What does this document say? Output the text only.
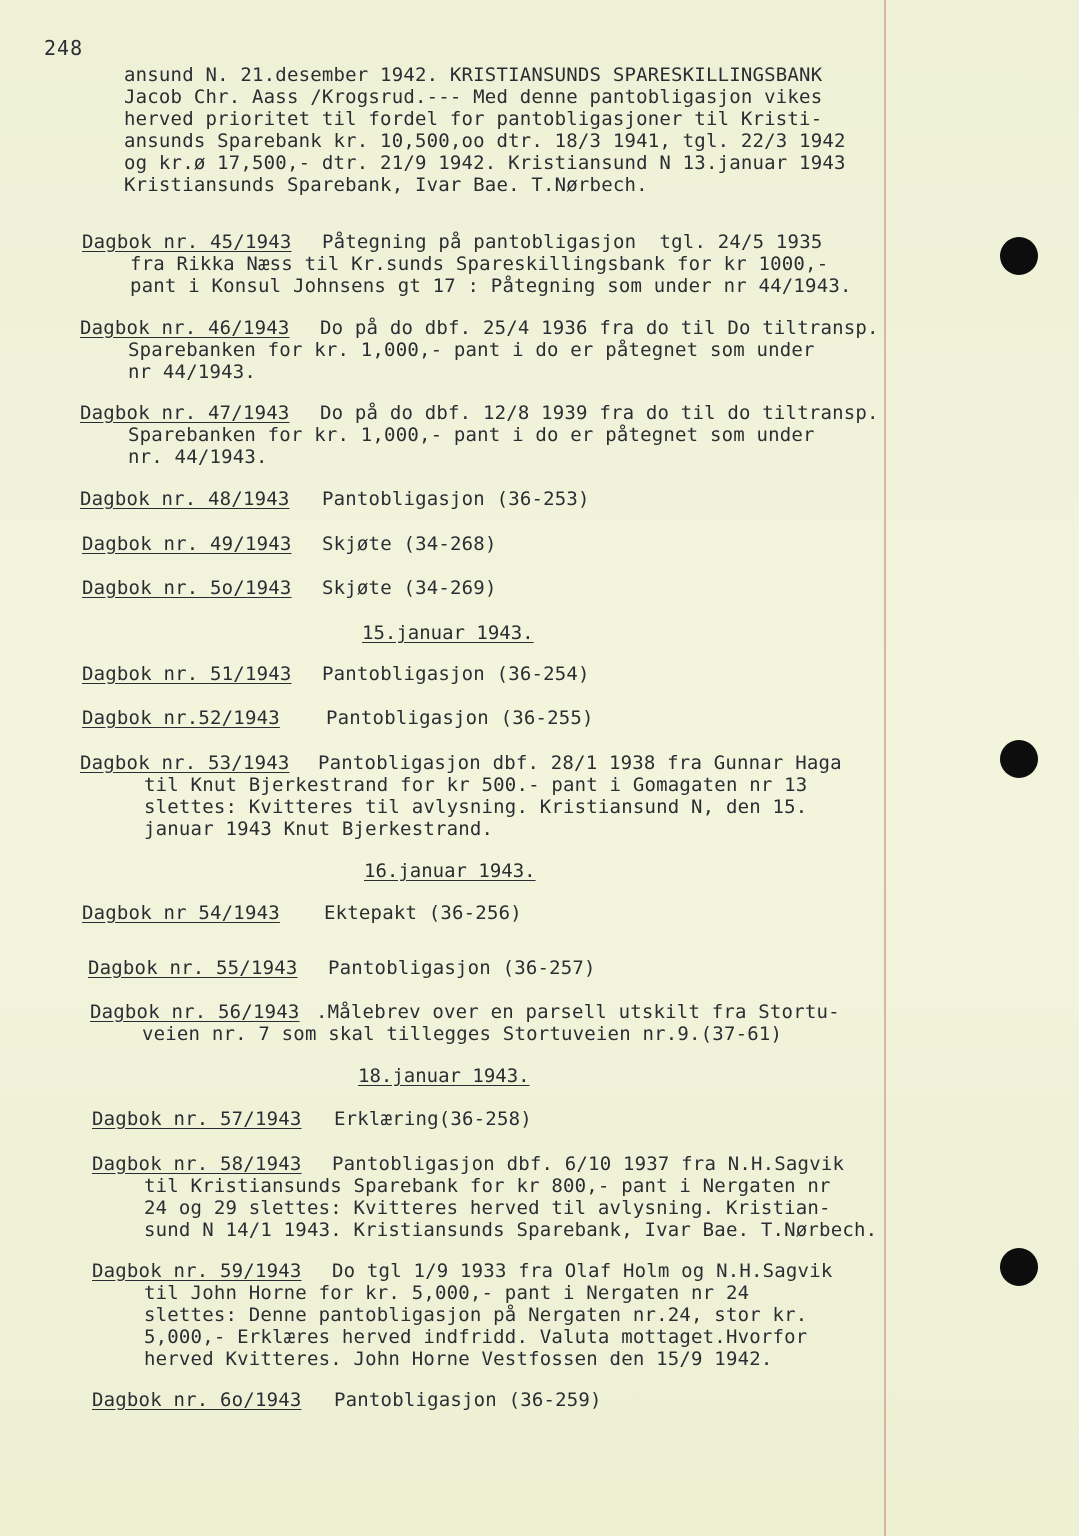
248
ansund N. 21.desember 1942. KRISTIANSUNDS SPARESKILLINGSBANK
Jacob Chr. Aass /Krogsrud.--- Med denne pantobligasjon vikes
herved prioritet til fordel for pantobligasjoner til Kristi-
ansunds Sparebank kr. 10,500,oo dtr. 18/3 1941, tgl. 22/3 1942
og kr.ø 17,500,- dtr. 21/9 1942. Kristiansund N 13.januar 1943
Kristiansunds Sparebank, Ivar Bae. T.Nørbech.
Dagbok nr. 45/1943 Påtegning på pantobligasjon  tgl. 24/5 1935
fra Rikka Næss til Kr.sunds Spareskillingsbank for kr 1000,-
pant i Konsul Johnsens gt 17 : Påtegning som under nr 44/1943.
Dagbok nr. 46/1943 Do på do dbf. 25/4 1936 fra do til Do tiltransp.
Sparebanken for kr. 1,000,- pant i do er påtegnet som under
nr 44/1943.
Dagbok nr. 47/1943 Do på do dbf. 12/8 1939 fra do til do tiltransp.
Sparebanken for kr. 1,000,- pant i do er påtegnet som under
nr. 44/1943.
Dagbok nr. 48/1943 Pantobligasjon (36-253)
Dagbok nr. 49/1943 Skjøte (34-268)
Dagbok nr. 5o/1943 Skjøte (34-269)
15.januar 1943.
Dagbok nr. 51/1943 Pantobligasjon (36-254)
Dagbok nr.52/1943 Pantobligasjon (36-255)
Dagbok nr. 53/1943 Pantobligasjon dbf. 28/1 1938 fra Gunnar Haga
til Knut Bjerkestrand for kr 500.- pant i Gomagaten nr 13
slettes: Kvitteres til avlysning. Kristiansund N, den 15.
januar 1943 Knut Bjerkestrand.
16.januar 1943.
Dagbok nr 54/1943 Ektepakt (36-256)
Dagbok nr. 55/1943 Pantobligasjon (36-257)
Dagbok nr. 56/1943 .Målebrev over en parsell utskilt fra Stortu-
veien nr. 7 som skal tillegges Stortuveien nr.9.(37-61)
18.januar 1943.
Dagbok nr. 57/1943 Erklæring(36-258)
Dagbok nr. 58/1943 Pantobligasjon dbf. 6/10 1937 fra N.H.Sagvik
til Kristiansunds Sparebank for kr 800,- pant i Nergaten nr
24 og 29 slettes: Kvitteres herved til avlysning. Kristian-
sund N 14/1 1943. Kristiansunds Sparebank, Ivar Bae. T.Nørbech.
Dagbok nr. 59/1943 Do tgl 1/9 1933 fra Olaf Holm og N.H.Sagvik
til John Horne for kr. 5,000,- pant i Nergaten nr 24
slettes: Denne pantobligasjon på Nergaten nr.24, stor kr.
5,000,- Erklæres herved indfridd. Valuta mottaget.Hvorfor
herved Kvitteres. John Horne Vestfossen den 15/9 1942.
Dagbok nr. 6o/1943 Pantobligasjon (36-259)
